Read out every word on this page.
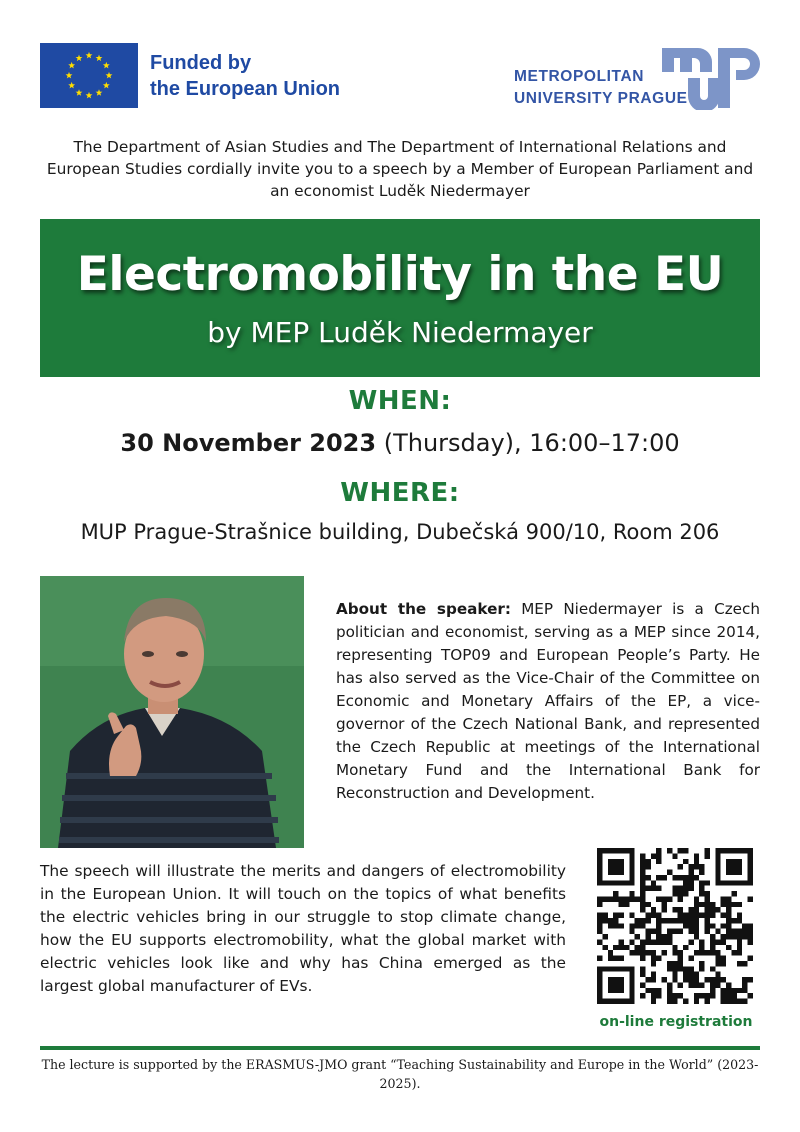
Funded by
the European Union
METROPOLITAN
UNIVERSITY PRAGUE
The Department of Asian Studies and The Department of International Relations and European Studies cordially invite you to a speech by a Member of European Parliament and an economist Luděk Niedermayer
Electromobility in the EU
by MEP Luděk Niedermayer
WHEN:
30 November 2023 (Thursday), 16:00–17:00
WHERE:
MUP Prague-Strašnice building, Dubečská 900/10, Room 206
About the speaker: MEP Niedermayer is a Czech politician and economist, serving as a MEP since 2014, representing TOP09 and European People’s Party. He has also served as the Vice-Chair of the Committee on Economic and Monetary Affairs of the EP, a vice-governor of the Czech National Bank, and represented the Czech Republic at meetings of the International Monetary Fund and the International Bank for Reconstruction and Development.
The speech will illustrate the merits and dangers of electromobility in the European Union. It will touch on the topics of what benefits the electric vehicles bring in our struggle to stop climate change, how the EU supports electromobility, what the global market with electric vehicles look like and why has China emerged as the largest global manufacturer of EVs.
on-line registration
The lecture is supported by the ERASMUS-JMO grant “Teaching Sustainability and Europe in the World” (2023-2025).
